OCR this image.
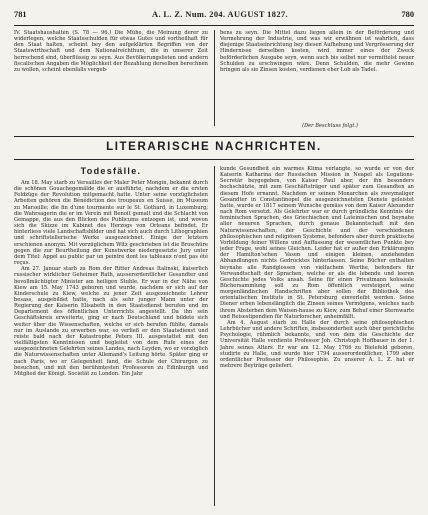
781	A. L. Z. Num. 204. AUGUST 1827.	780

IV. Staatshaushalten (S. 78 — 96.) Die Mühe, die Meinung derer zu widerlegen, welche Staatsschulden für etwas Gutes und vortheilhaft für den Staat halten, scheint bey den aufgeklärten Begriffen von der Staatswirthschaft und dem Nationalreichthum, die in unserer Zeit herrschend sind, überflüssig zu seyn. Aus Bevölkerungslisten und andern fiscalischen Angaben die Möglichkeit der Bezahlung derselben berechnen zu wollen, scheint ebenfalls vergeb-

bens zu seyn. Die Mittel dazu liegen allein in der Beförderung und Vermehrung der Industrie, und was wir erwähnen ist wahrlich, dass diejenige Staatseinrichtung bey diesen Aufhebung und Vergrösserung der Hindernisse derselben kosten, wird immer eines der Zweck beförderlichen Ausgabe seyn, wenn auch bis selbst nur vermittelst neuer Schulden zu erschwingen wäre. Denn Schulden, die mehr Gewinn bringen als sie Zinsen kosten, verdienen eher Lob als Tadel.

(Der Beschluss folgt.)
LITERARISCHE NACHRICHTEN.
Todesfälle.

Am 18. May starb zu Versailles der Maler Peter Mongin, bekannt durch die schönen Gouachegemälde die er ausführte, nachdem er die ersten Feldzüge der Revolution mitgemacht hatte. Unter seine vorzüglichsten Arbeiten gehören die Bénédiction des troupeaux en Suisse, im Museum zu Marseille; die fin d'une tourmente sur le St. Gothard, in Luxemburg; die Wahrsagerin die er im Verein mit Benoit gemalt und die Schlacht von Gemappe, die aus den Blicken des Publicums entzogen ist, und wovon sich die Skizze im Kabinet des Herzogs von Orleans befindet. Er hinterliess viele Landschaftsbilder und hat sich auch durch Lithographien und schriftstellerische Werke ausgezeichnet. Einige der letztern erschienen anonym. Mit vorzüglichem Witz geschrieben ist die Broschüre gegen die zur Beurtheilung der Kunstwerke niedergesetzte Jury unter dem Titel: Appel au public par un peintre dont les tableaux n'ont pas été reçus.

Am 27. Januar starb zu Rom der Ritter Andreas Italinski, kaiserlich russischer wirklicher Geheimer Rath, ausserordentlicher Gesandter und bevollmächtigter Minister am heiligen Stuhle. Er war in der Nähe von Kiew am 15. May 1743 geboren und wurde, nachdem er sich auf der Kinderschule zu Kiew, welche zu jener Zeit ausgezeichnete Lehrer besass, ausgebildet hatte, nach als sehr junger Mann unter der Regierung der Kaiserin Elisabeth in den Staatsdienst berufen und im Departement des öffentlichen Unterrichts angestellt. Da ihn sein Geschäftskreis erweiterte, ging er nach Deutschland und bildete sich weiter über die Wissenschaften, welche er sich berufen fühlte, damals nur im Auslande zu erwerben war, so verließ er den Staatsdienst und reiste bald nach der Katastrophe Peters III. ausgestattet mit den vielfältigsten Kenntnissen und begleitet von dem Rufe eines der ausgezeichneten Gelehrten seines Landes, nach Leyden, wo er vorzüglich die Naturwissenschaften unter Allemand's Leitung hörte. Später ging er nach Paris, wo er Gelegenheit fand, die Schule der Chirurgen zu besuchen, und mit den berühmtesten Professoren zu Edinburgh und Mitglied der Königl. Societät zu London. Ein Jahr

kunde Gesundheit ein warmes Klima verlangte, so wurde er von der Kaiserin Katharina der Russischen Mission in Neapel als Legations-Secretär beygegeben, von Kaiser Paul aber, der ihn besonders hochschätzte, mit zum Geschäftsträger und später zum Gesandten an diesem Hofe ernannt. Nachdem er seinen Monarchen als zweymaliger Gesandter in Constantinopel die ausgezeichnetsten Dienste geleistet hatte, wurde er 1817 seinem Wunsche gemäss von dem Kaiser Alexander nach Rom versetzt. Als Gelehrter war er durch gründliche Kenntnis der feminischen Sprachen, des Griechischen und Lateinischen und beynahe aller neueren Sprachen, durch genaue Bekanntschaft mit den Naturwissenschaften, der Geschichte und der verschiedenen philosophischen und religiösen Systeme, befonders aber durch praktische Vorbildung feiner Willens und Auffassung der wesentlichen Punkte bey jeder Frage, wohl seines Gleichen. Leider hat er außer den Erklärungen der Hamilton'schen Vasen und einigen kleinen, anziehenden Abhandlungen nichts Gedrucktes hinterlassen. Seine Bücher enthalten beynahe alle Randglossen von vielfachem Werthe, befonders für Verwandtschaft der Sprachen, welche er als die lebende und leeren Geschichte jedes Volks ansah. Seine für einen Privatmann kolossale Büchersammlung soll zu Rom öffentlich versteigert, seine morgenländischen Handschriften aber sollen der Bibliothek des orientalischen Instituts in St. Petersburg einverleibt werden. Seine Diener erben lebenslänglich die Zinsen seines Vermögens, welches nach ihrem Absterben dem Waisen-hause zu Kiew, zum Behuf einer Sternwarte und Reisestipendien für Naturforscher, anheimfällt.

Am 4. August starb zu Halle der durch seine philosophischen Lehrbücher und andere Schriften, insbesonderheit auch über gerichtliche Psychologie, rühmlich bekannte, und von dem die Geschichte der Universität Halle verdiente Professor Joh. Christoph Hoffbauer in der 1. Jahre seines Alters. Er war am 12. May 1766 zu Bielefeld geboren, studirte zu Halle, und wurde hier 1794 ausserordentlicher, 1799 aber ordentlicher Professor der Philosophie. Zu unserer A. L. Z. hat er mehrere Beyträge geliefert.
